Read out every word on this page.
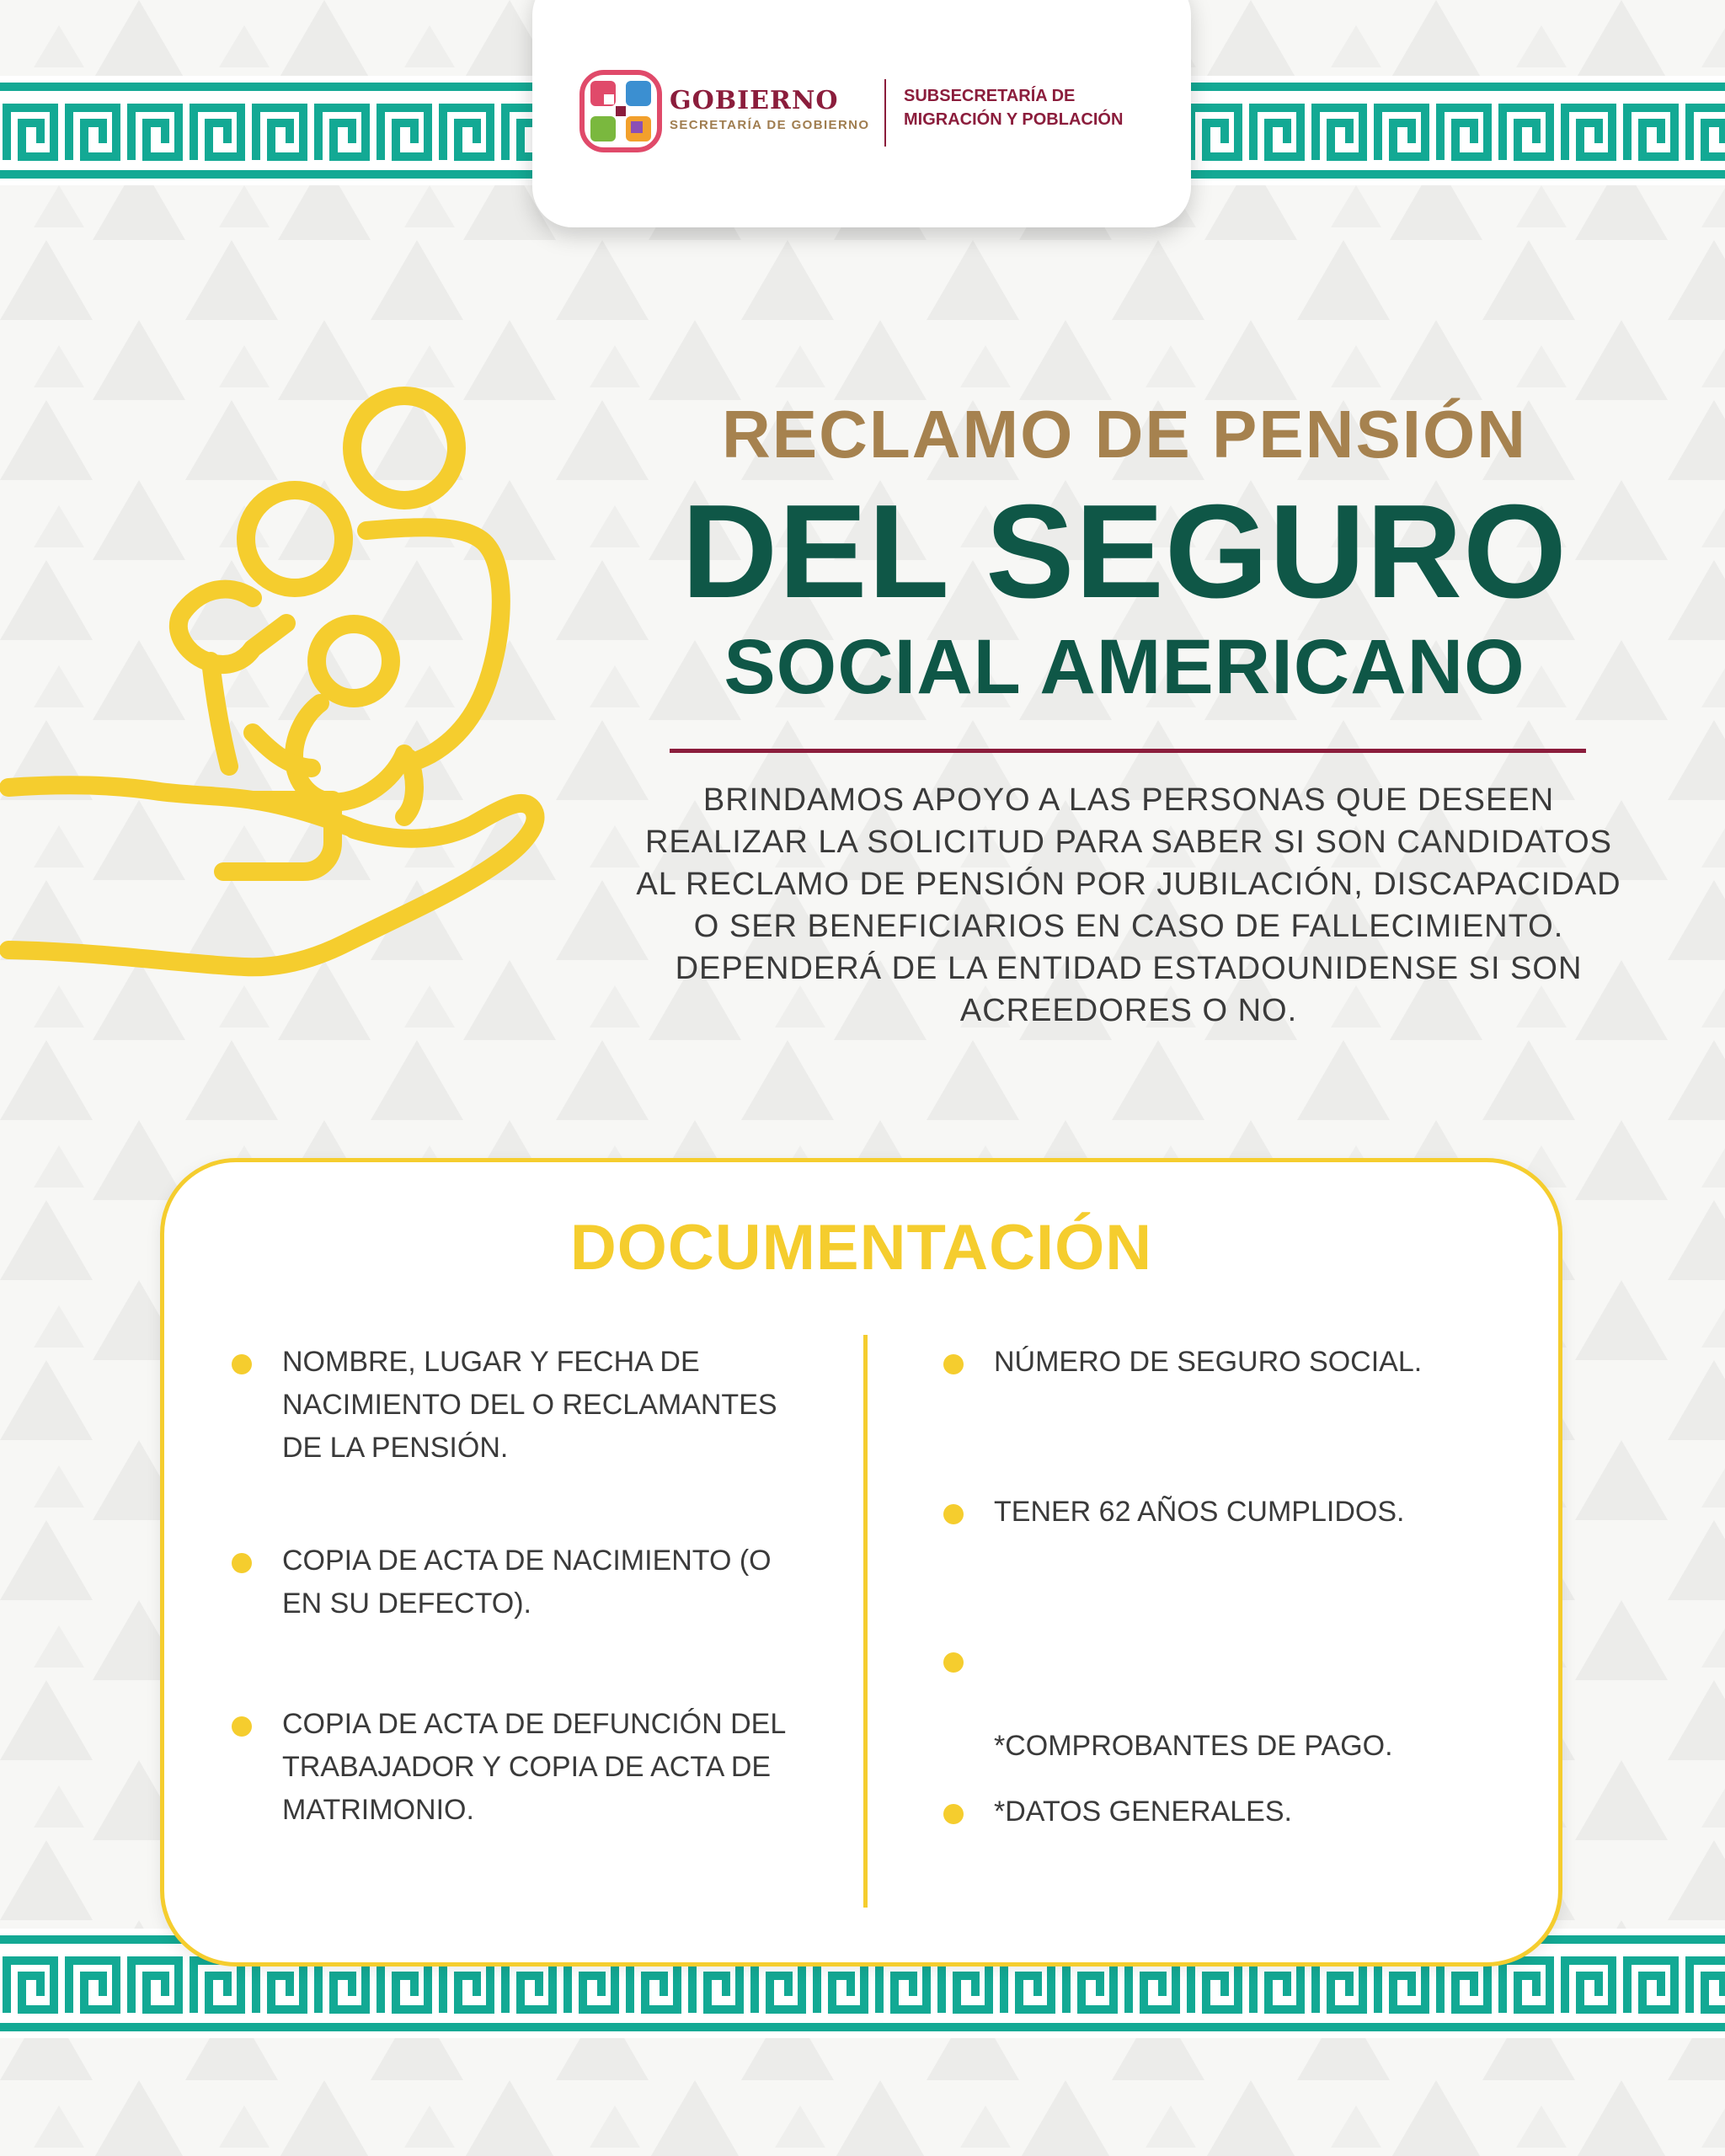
GOBIERNO
SECRETARÍA DE GOBIERNO
SUBSECRETARÍA DE
MIGRACIÓN Y POBLACIÓN
RECLAMO DE PENSIÓN
DEL SEGURO
SOCIAL AMERICANO
BRINDAMOS APOYO A LAS PERSONAS QUE DESEEN
REALIZAR LA SOLICITUD PARA SABER SI SON CANDIDATOS
AL RECLAMO DE PENSIÓN POR JUBILACIÓN, DISCAPACIDAD
O SER BENEFICIARIOS EN CASO DE FALLECIMIENTO.
DEPENDERÁ DE LA ENTIDAD ESTADOUNIDENSE SI SON
ACREEDORES O NO.
DOCUMENTACIÓN
NOMBRE, LUGAR Y FECHA DE
NACIMIENTO DEL O RECLAMANTES
DE LA PENSIÓN.
COPIA DE ACTA DE NACIMIENTO (O
EN SU DEFECTO).
COPIA DE ACTA DE DEFUNCIÓN DEL
TRABAJADOR Y COPIA DE ACTA DE
MATRIMONIO.
NÚMERO DE SEGURO SOCIAL.
TENER 62 AÑOS CUMPLIDOS.

*COMPROBANTES DE PAGO.

*DATOS GENERALES.
